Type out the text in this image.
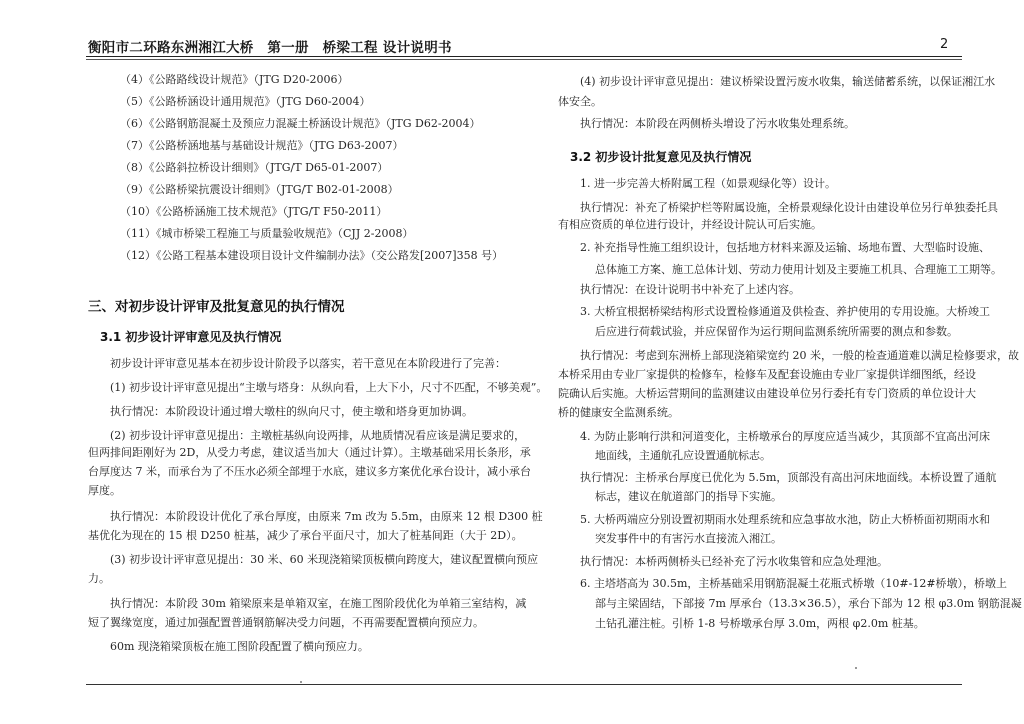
衡阳市二环路东洲湘江大桥　第一册　桥梁工程 设计说明书	2
（4）《公路路线设计规范》（JTG D20-2006）
（5）《公路桥涵设计通用规范》（JTG D60-2004）
（6）《公路钢筋混凝土及预应力混凝土桥涵设计规范》（JTG D62-2004）
（7）《公路桥涵地基与基础设计规范》（JTG D63-2007）
（8）《公路斜拉桥设计细则》（JTG/T D65-01-2007）
（9）《公路桥梁抗震设计细则》（JTG/T B02-01-2008）
（10）《公路桥涵施工技术规范》（JTG/T F50-2011）
（11）《城市桥梁工程施工与质量验收规范》（CJJ 2-2008）
（12）《公路工程基本建设项目设计文件编制办法》（交公路发[2007]358 号）
三、对初步设计评审及批复意见的执行情况
3.1 初步设计评审意见及执行情况
初步设计评审意见基本在初步设计阶段予以落实，若干意见在本阶段进行了完善：
(1) 初步设计评审意见提出“主墩与塔身：从纵向看，上大下小，尺寸不匹配，不够美观”。
执行情况：本阶段设计通过增大墩柱的纵向尺寸，使主墩和塔身更加协调。
(2) 初步设计评审意见提出：主墩桩基纵向设两排，从地质情况看应该是满足要求的，
但两排间距刚好为 2D，从受力考虑，建议适当加大（通过计算）。主墩基础采用长条形，承
台厚度达 7 米，而承台为了不压水必须全部埋于水底，建议多方案优化承台设计，减小承台
厚度。
执行情况：本阶段设计优化了承台厚度，由原来 7m 改为 5.5m，由原来 12 根 D300 桩
基优化为现在的 15 根 D250 桩基，减少了承台平面尺寸，加大了桩基间距（大于 2D）。
(3) 初步设计评审意见提出：30 米、60 米现浇箱梁顶板横向跨度大，建议配置横向预应
力。
执行情况：本阶段 30m 箱梁原来是单箱双室，在施工图阶段优化为单箱三室结构，减
短了翼缘宽度，通过加强配置普通钢筋解决受力问题，不再需要配置横向预应力。
60m 现浇箱梁顶板在施工图阶段配置了横向预应力。
(4) 初步设计评审意见提出：建议桥梁设置污废水收集，输送储蓄系统，以保证湘江水
体安全。
执行情况：本阶段在两侧桥头增设了污水收集处理系统。
3.2 初步设计批复意见及执行情况
1. 进一步完善大桥附属工程（如景观绿化等）设计。
执行情况：补充了桥梁护栏等附属设施，全桥景观绿化设计由建设单位另行单独委托具
有相应资质的单位进行设计，并经设计院认可后实施。
2. 补充指导性施工组织设计，包括地方材料来源及运输、场地布置、大型临时设施、
总体施工方案、施工总体计划、劳动力使用计划及主要施工机具、合理施工工期等。
执行情况：在设计说明书中补充了上述内容。
3. 大桥宜根据桥梁结构形式设置检修通道及供检查、养护使用的专用设施。大桥竣工
后应进行荷载试验，并应保留作为运行期间监测系统所需要的测点和参数。
执行情况：考虑到东洲桥上部现浇箱梁宽约 20 米，一般的检查通道难以满足检修要求，故
本桥采用由专业厂家提供的检修车，检修车及配套设施由专业厂家提供详细图纸，经设
院确认后实施。大桥运营期间的监测建议由建设单位另行委托有专门资质的单位设计大
桥的健康安全监测系统。
4. 为防止影响行洪和河道变化，主桥墩承台的厚度应适当减少，其顶部不宜高出河床
地面线，主通航孔应设置通航标志。
执行情况：主桥承台厚度已优化为 5.5m，顶部没有高出河床地面线。本桥设置了通航
标志，建议在航道部门的指导下实施。
5. 大桥两端应分别设置初期雨水处理系统和应急事故水池，防止大桥桥面初期雨水和
突发事件中的有害污水直接流入湘江。
执行情况：本桥两侧桥头已经补充了污水收集管和应急处理池。
6. 主塔塔高为 30.5m，主桥基础采用钢筋混凝土花瓶式桥墩（10#-12#桥墩），桥墩上
部与主梁固结，下部接 7m 厚承台（13.3×36.5），承台下部为 12 根 φ3.0m 钢筋混凝
土钻孔灌注桩。引桥 1-8 号桥墩承台厚 3.0m，两根 φ2.0m 桩基。
